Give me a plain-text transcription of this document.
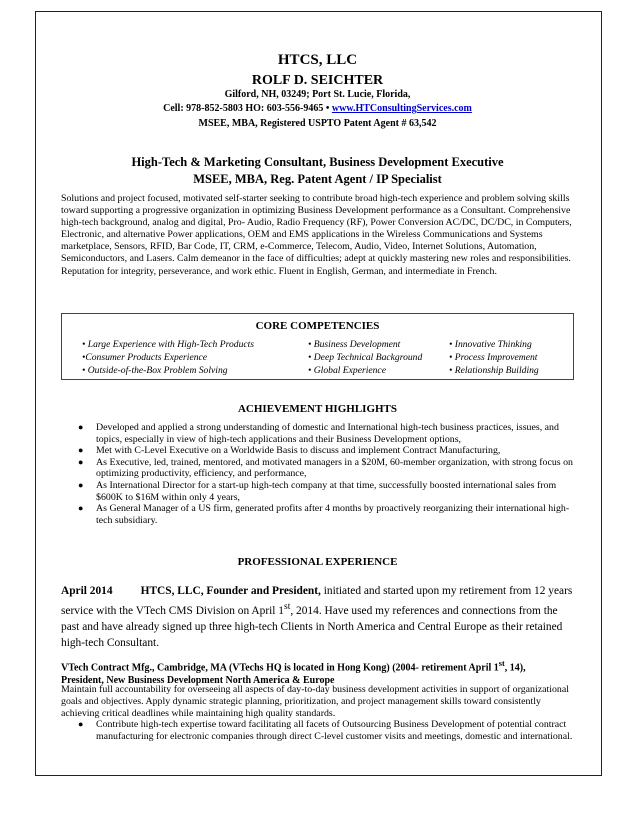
HTCS, LLC
ROLF D. SEICHTER
Gilford, NH, 03249; Port St. Lucie, Florida,
Cell: 978-852-5803 HO: 603-556-9465 • www.HTConsultingServices.com
MSEE, MBA, Registered USPTO Patent Agent # 63,542
High-Tech & Marketing Consultant, Business Development Executive
MSEE, MBA, Reg. Patent Agent / IP Specialist
Solutions and project focused, motivated self-starter seeking to contribute broad high-tech experience and problem solving skills toward supporting a progressive organization in optimizing Business Development performance as a Consultant. Comprehensive high-tech background, analog and digital, Pro- Audio, Radio Frequency (RF), Power Conversion AC/DC, DC/DC, in Computers, Electronic, and alternative Power applications, OEM and EMS applications in the Wireless Communications and Systems marketplace, Sensors, RFID, Bar Code, IT, CRM, e-Commerce, Telecom, Audio, Video, Internet Solutions, Automation, Semiconductors, and Lasers. Calm demeanor in the face of difficulties; adept at quickly mastering new roles and responsibilities. Reputation for integrity, perseverance, and work ethic. Fluent in English, German, and intermediate in French.
CORE COMPETENCIES
• Large Experience with High-Tech Products
•Consumer Products Experience
• Outside-of-the-Box Problem Solving
• Business Development
• Deep Technical Background
• Global Experience
• Innovative Thinking
• Process Improvement
• Relationship Building
ACHIEVEMENT HIGHLIGHTS
● Developed and applied a strong understanding of domestic and International high-tech business practices, issues, and topics, especially in view of high-tech applications and their Business Development options,
● Met with C-Level Executive on a Worldwide Basis to discuss and implement Contract Manufacturing,
● As Executive, led, trained, mentored, and motivated managers in a $20M, 60-member organization, with strong focus on optimizing productivity, efficiency, and performance,
● As International Director for a start-up high-tech company at that time, successfully boosted international sales from $600K to $16M within only 4 years,
● As General Manager of a US firm, generated profits after 4 months by proactively reorganizing their international high-tech subsidiary.
PROFESSIONAL EXPERIENCE
April 2014 HTCS, LLC, Founder and President, initiated and started upon my retirement from 12 years service with the VTech CMS Division on April 1st, 2014. Have used my references and connections from the past and have already signed up three high-tech Clients in North America and Central Europe as their retained high-tech Consultant.
VTech Contract Mfg., Cambridge, MA (VTechs HQ is located in Hong Kong) (2004- retirement April 1st, 14),
President, New Business Development North America & Europe
Maintain full accountability for overseeing all aspects of day-to-day business development activities in support of organizational goals and objectives. Apply dynamic strategic planning, prioritization, and project management skills toward consistently achieving critical deadlines while maintaining high quality standards.
● Contribute high-tech expertise toward facilitating all facets of Outsourcing Business Development of potential contract manufacturing for electronic companies through direct C-level customer visits and meetings, domestic and international.
